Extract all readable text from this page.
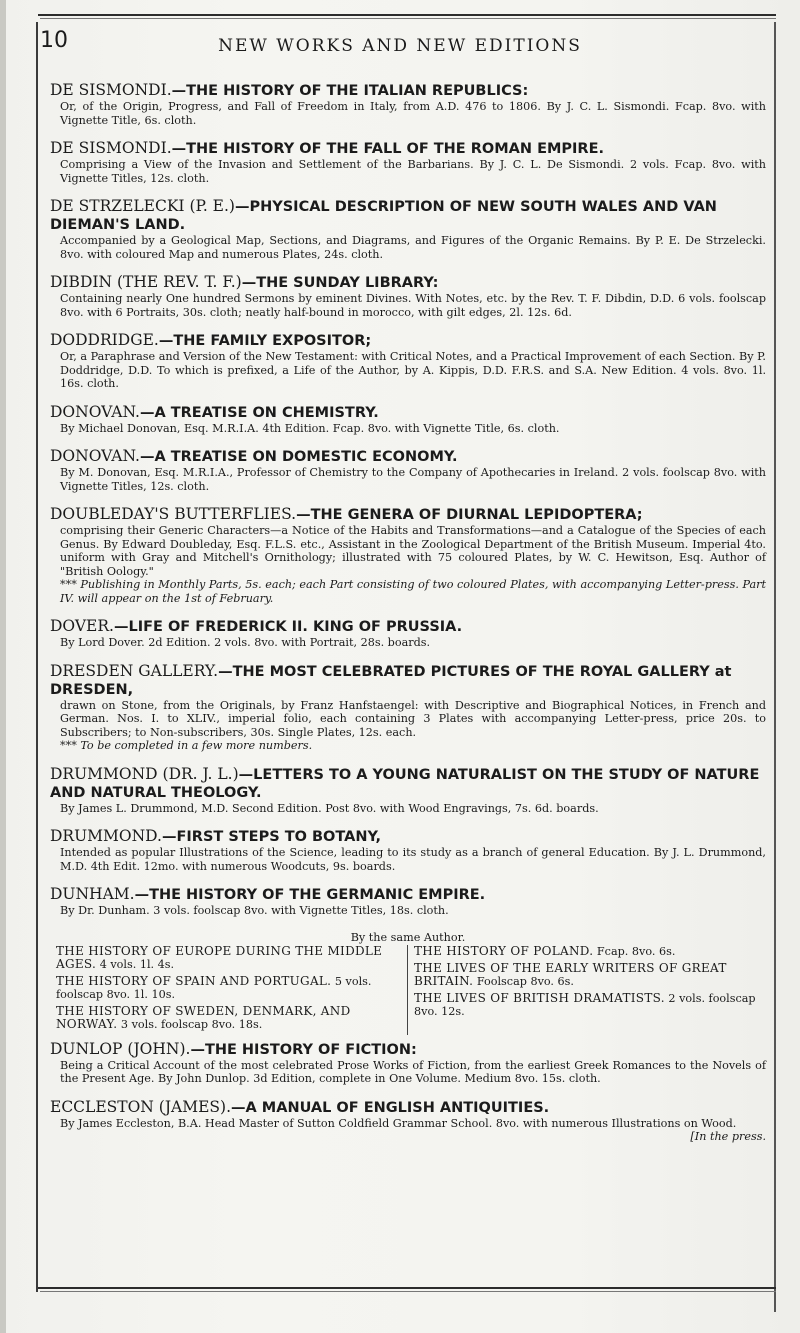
10	NEW WORKS AND NEW EDITIONS

DE SISMONDI.—THE HISTORY OF THE ITALIAN REPUBLICS:

Or, of the Origin, Progress, and Fall of Freedom in Italy, from A.D. 476 to 1806. By J. C. L. Sismondi. Fcap. 8vo. with Vignette Title, 6s. cloth.

DE SISMONDI.—THE HISTORY OF THE FALL OF THE ROMAN EMPIRE.

Comprising a View of the Invasion and Settlement of the Barbarians. By J. C. L. De Sismondi. 2 vols. Fcap. 8vo. with Vignette Titles, 12s. cloth.

DE STRZELECKI (P. E.)—PHYSICAL DESCRIPTION OF NEW SOUTH WALES AND VAN DIEMAN'S LAND.

Accompanied by a Geological Map, Sections, and Diagrams, and Figures of the Organic Remains. By P. E. De Strzelecki. 8vo. with coloured Map and numerous Plates, 24s. cloth.

DIBDIN (THE REV. T. F.)—THE SUNDAY LIBRARY:

Containing nearly One hundred Sermons by eminent Divines. With Notes, etc. by the Rev. T. F. Dibdin, D.D. 6 vols. foolscap 8vo. with 6 Portraits, 30s. cloth; neatly half-bound in morocco, with gilt edges, 2l. 12s. 6d.

DODDRIDGE.—THE FAMILY EXPOSITOR;

Or, a Paraphrase and Version of the New Testament: with Critical Notes, and a Practical Improvement of each Section. By P. Doddridge, D.D. To which is prefixed, a Life of the Author, by A. Kippis, D.D. F.R.S. and S.A. New Edition. 4 vols. 8vo. 1l. 16s. cloth.

DONOVAN.—A TREATISE ON CHEMISTRY.

By Michael Donovan, Esq. M.R.I.A. 4th Edition. Fcap. 8vo. with Vignette Title, 6s. cloth.

DONOVAN.—A TREATISE ON DOMESTIC ECONOMY.

By M. Donovan, Esq. M.R.I.A., Professor of Chemistry to the Company of Apothecaries in Ireland. 2 vols. foolscap 8vo. with Vignette Titles, 12s. cloth.

DOUBLEDAY'S BUTTERFLIES.—THE GENERA OF DIURNAL LEPIDOPTERA;

comprising their Generic Characters—a Notice of the Habits and Transformations—and a Catalogue of the Species of each Genus. By Edward Doubleday, Esq. F.L.S. etc., Assistant in the Zoological Department of the British Museum. Imperial 4to. uniform with Gray and Mitchell's Ornithology; illustrated with 75 coloured Plates, by W. C. Hewitson, Esq. Author of "British Oology."

*** Publishing in Monthly Parts, 5s. each; each Part consisting of two coloured Plates, with accompanying Letter-press. Part IV. will appear on the 1st of February.

DOVER.—LIFE OF FREDERICK II. KING OF PRUSSIA.

By Lord Dover. 2d Edition. 2 vols. 8vo. with Portrait, 28s. boards.

DRESDEN GALLERY.—THE MOST CELEBRATED PICTURES OF THE ROYAL GALLERY at DRESDEN,

drawn on Stone, from the Originals, by Franz Hanfstaengel: with Descriptive and Biographical Notices, in French and German. Nos. I. to XLIV., imperial folio, each containing 3 Plates with accompanying Letter-press, price 20s. to Subscribers; to Non-subscribers, 30s. Single Plates, 12s. each.

*** To be completed in a few more numbers.

DRUMMOND (DR. J. L.)—LETTERS TO A YOUNG NATURALIST ON THE STUDY OF NATURE AND NATURAL THEOLOGY.

By James L. Drummond, M.D. Second Edition. Post 8vo. with Wood Engravings, 7s. 6d. boards.

DRUMMOND.—FIRST STEPS TO BOTANY,

Intended as popular Illustrations of the Science, leading to its study as a branch of general Education. By J. L. Drummond, M.D. 4th Edit. 12mo. with numerous Woodcuts, 9s. boards.

DUNHAM.—THE HISTORY OF THE GERMANIC EMPIRE.

By Dr. Dunham. 3 vols. foolscap 8vo. with Vignette Titles, 18s. cloth.

By the same Author.

THE HISTORY OF EUROPE DURING THE MIDDLE AGES. 4 vols. 1l. 4s.

THE HISTORY OF SPAIN AND PORTUGAL. 5 vols. foolscap 8vo. 1l. 10s.

THE HISTORY OF SWEDEN, DENMARK, AND NORWAY. 3 vols. foolscap 8vo. 18s.

THE HISTORY OF POLAND. Fcap. 8vo. 6s.

THE LIVES OF THE EARLY WRITERS OF GREAT BRITAIN. Foolscap 8vo. 6s.

THE LIVES OF BRITISH DRAMATISTS. 2 vols. foolscap 8vo. 12s.

DUNLOP (JOHN).—THE HISTORY OF FICTION:

Being a Critical Account of the most celebrated Prose Works of Fiction, from the earliest Greek Romances to the Novels of the Present Age. By John Dunlop. 3d Edition, complete in One Volume. Medium 8vo. 15s. cloth.

ECCLESTON (JAMES).—A MANUAL OF ENGLISH ANTIQUITIES.

By James Eccleston, B.A. Head Master of Sutton Coldfield Grammar School. 8vo. with numerous Illustrations on Wood.
[In the press.
